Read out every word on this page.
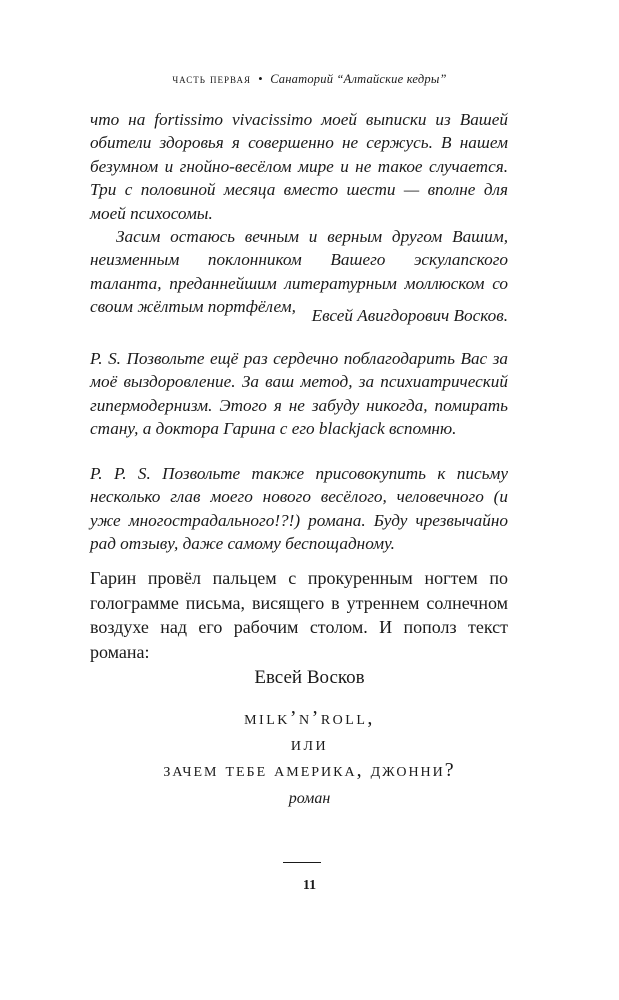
часть первая • Санаторий “Алтайские кедры”

что на fortissimo vivacissimo моей выписки из Вашей обители здоровья я совершенно не сержусь. В нашем безумном и гнойно-весёлом мире и не такое случается. Три с половиной месяца вместо шести — вполне для моей психосомы.

Засим остаюсь вечным и верным другом Вашим, неизменным поклонником Вашего эскулапского таланта, преданнейшим литературным моллюском со своим жёлтым портфёлем, Евсей Авигдорович Восков.
P. S. Позвольте ещё раз сердечно поблагодарить Вас за моё выздоровление. За ваш метод, за психиатрический гипермодернизм. Этого я не забуду никогда, помирать стану, а доктора Гарина с его blackjack вспомню.
P. P. S. Позвольте также присовокупить к письму несколько глав моего нового весёлого, человечного (и уже многострадального!?!) романа. Буду чрезвычайно рад отзыву, даже самому беспощадному.
Гарин провёл пальцем с прокуренным ногтем по голограмме письма, висящего в утреннем солнечном воздухе над его рабочим столом. И пополз текст романа:
Евсей Восков
milk’n’roll,
или
зачем тебе америка, джонни?
роман
11
